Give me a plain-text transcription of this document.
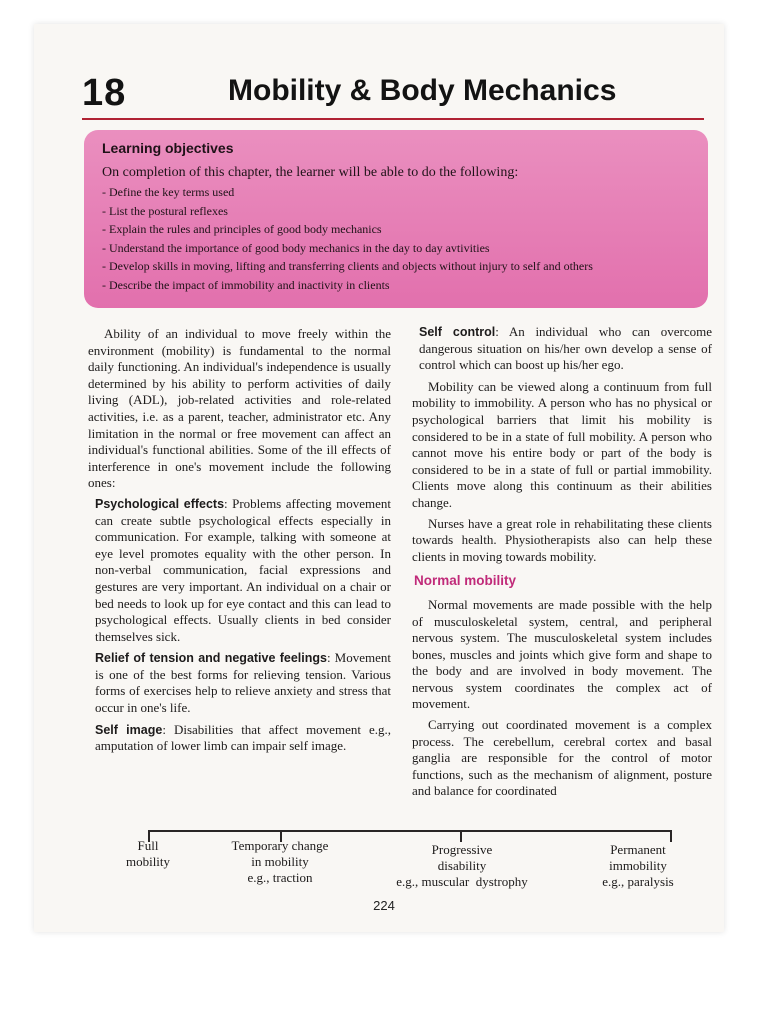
18	Mobility & Body Mechanics
Learning objectives
On completion of this chapter, the learner will be able to do the following:
- Define the key terms used
- List the postural reflexes
- Explain the rules and principles of good body mechanics
- Understand the importance of good body mechanics in the day to day avtivities
- Develop skills in moving, lifting and transferring clients and objects without injury to self and others
- Describe the impact of immobility and inactivity in clients

Ability of an individual to move freely within the environment (mobility) is fundamental to the normal daily functioning. An individual's independence is usually determined by his ability to perform activities of daily living (ADL), job-related activities and role-related activities, i.e. as a parent, teacher, administrator etc. Any limitation in the normal or free movement can affect an individual's functional abilities. Some of the ill effects of interference in one's movement include the following ones:

Psychological effects: Problems affecting movement can create subtle psychological effects especially in communication. For example, talking with someone at eye level promotes equality with the other person. In non-verbal communication, facial expressions and gestures are very important. An individual on a chair or bed needs to look up for eye contact and this can lead to psychological effects. Usually clients in bed consider themselves sick.

Relief of tension and negative feelings: Movement is one of the best forms for relieving tension. Various forms of exercises help to relieve anxiety and stress that occur in one's life.

Self image: Disabilities that affect movement e.g., amputation of lower limb can impair self image.

Self control: An individual who can overcome dangerous situation on his/her own develop a sense of control which can boost up his/her ego.

Mobility can be viewed along a continuum from full mobility to immobility. A person who has no physical or psychological barriers that limit his mobility is considered to be in a state of full mobility. A person who cannot move his entire body or part of the body is considered to be in a state of full or partial immobility. Clients move along this continuum as their abilities change.

Nurses have a great role in rehabilitating these clients towards health. Physiotherapists also can help these clients in moving towards mobility.

Normal mobility

Normal movements are made possible with the help of musculoskeletal system, central, and peripheral nervous system. The musculoskeletal system includes bones, muscles and joints which give form and shape to the body and are involved in body movement. The nervous system coordinates the complex act of movement.

Carrying out coordinated movement is a complex process. The cerebellum, cerebral cortex and basal ganglia are responsible for the control of motor functions, such as the mechanism of alignment, posture and balance for coordinated

Full
mobility
Temporary change
in mobility
e.g., traction
Progressive
disability
e.g., muscular  dystrophy
Permanent
immobility
e.g., paralysis
224
